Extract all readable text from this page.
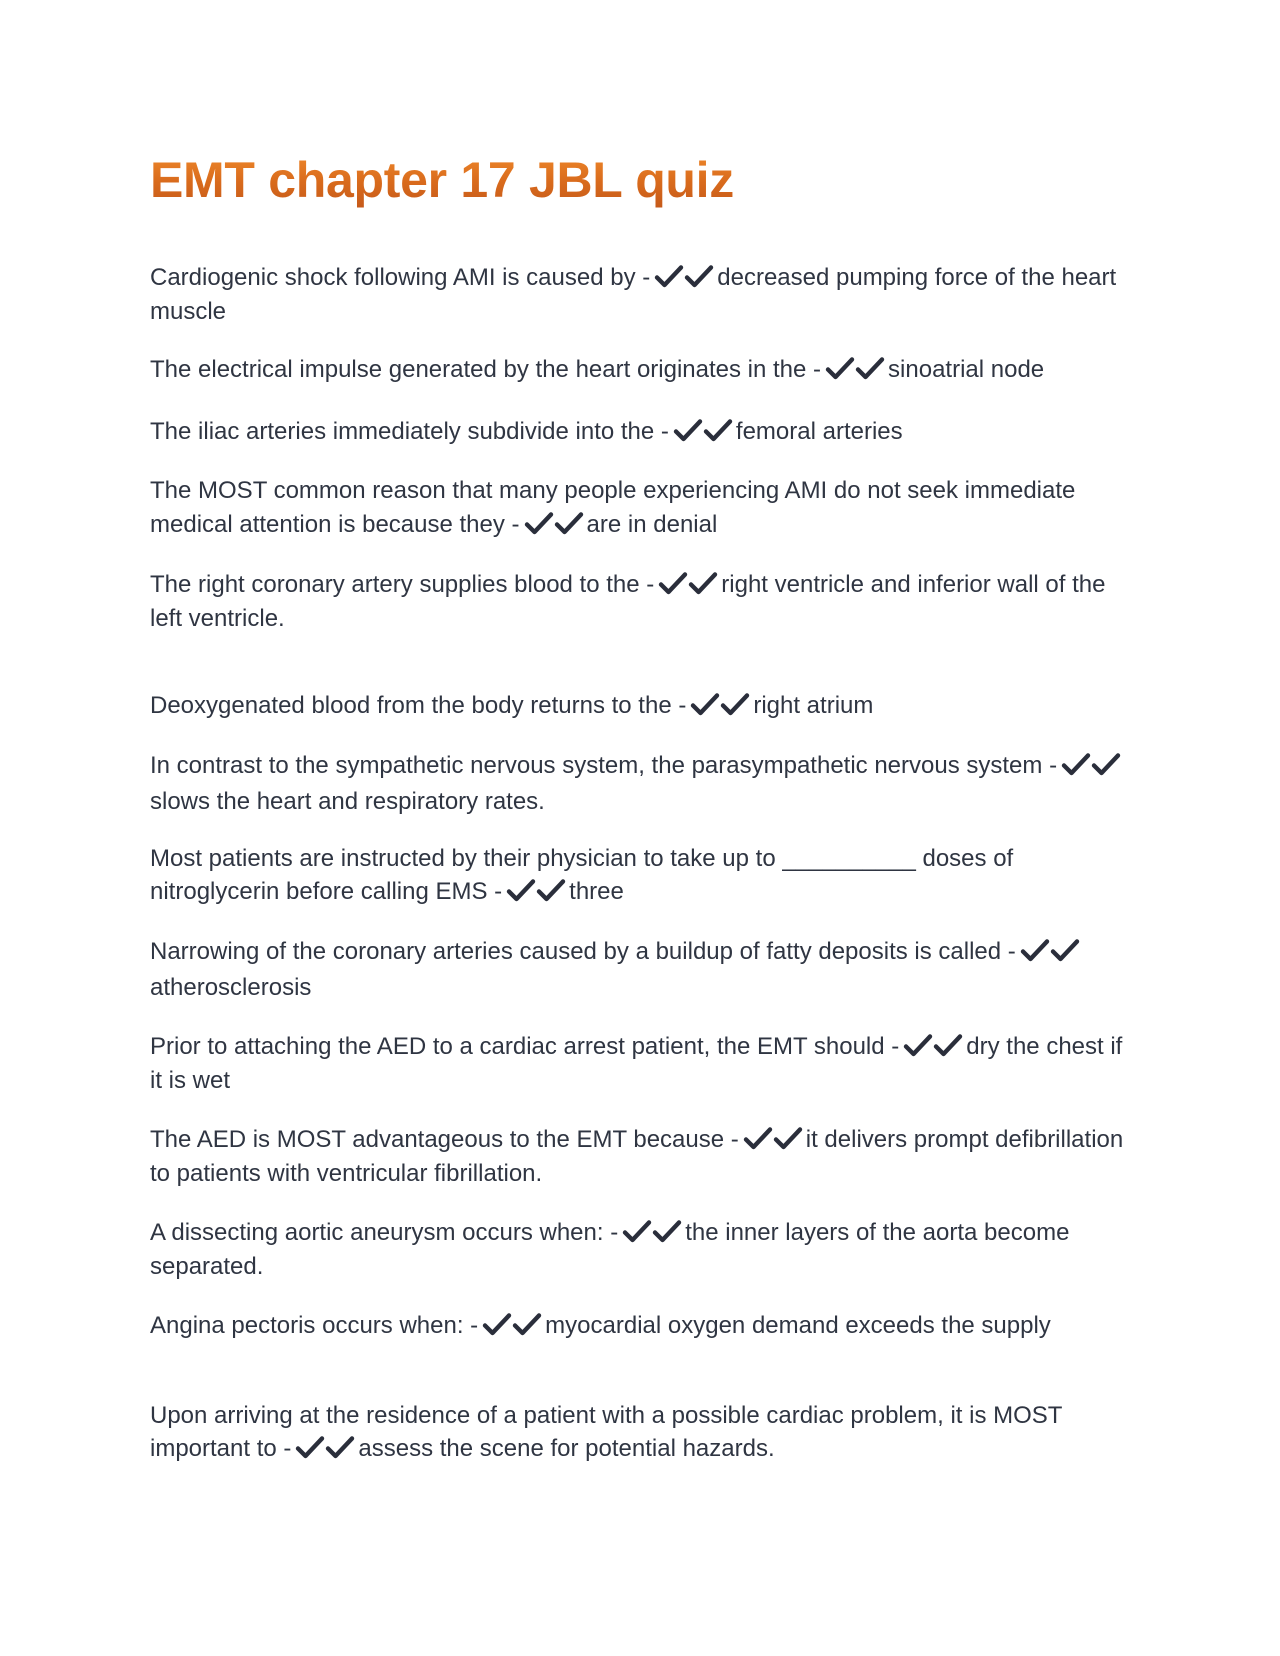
EMT chapter 17 JBL quiz

Cardiogenic shock following AMI is caused by -	decreased pumping force of the heart muscle

The electrical impulse generated by the heart originates in the -	sinoatrial node

The iliac arteries immediately subdivide into the -	femoral arteries

The MOST common reason that many people experiencing AMI do not seek immediate medical attention is because they -	are in denial

The right coronary artery supplies blood to the -	right ventricle and inferior wall of the left ventricle.

Deoxygenated blood from the body returns to the -	right atrium

In contrast to the sympathetic nervous system, the parasympathetic nervous system -
slows the heart and respiratory rates.

Most patients are instructed by their physician to take up to __________ doses of nitroglycerin before calling EMS -	three

Narrowing of the coronary arteries caused by a buildup of fatty deposits is called -
atherosclerosis

Prior to attaching the AED to a cardiac arrest patient, the EMT should -	dry the chest if it is wet

The AED is MOST advantageous to the EMT because -	it delivers prompt defibrillation to patients with ventricular fibrillation.

A dissecting aortic aneurysm occurs when: -	the inner layers of the aorta become separated.

Angina pectoris occurs when: -	myocardial oxygen demand exceeds the supply

Upon arriving at the residence of a patient with a possible cardiac problem, it is MOST important to -	assess the scene for potential hazards.
